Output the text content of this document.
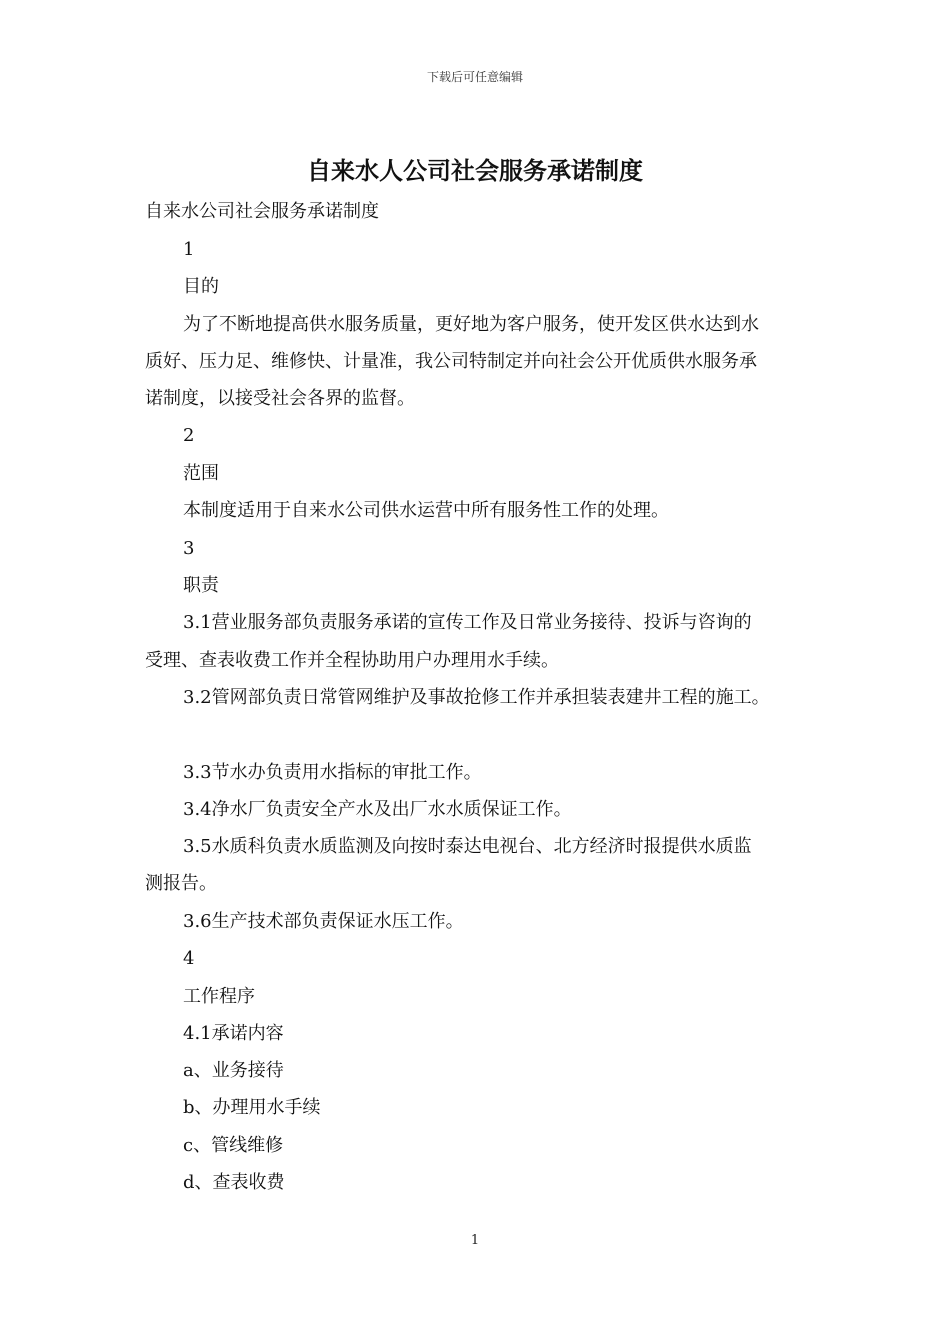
下载后可任意编辑
自来水人公司社会服务承诺制度
自来水公司社会服务承诺制度
1
目的
为了不断地提高供水服务质量，更好地为客户服务，使开发区供水达到水
质好、压力足、维修快、计量准，我公司特制定并向社会公开优质供水服务承
诺制度，以接受社会各界的监督。
2
范围
本制度适用于自来水公司供水运营中所有服务性工作的处理。
3
职责
3.1营业服务部负责服务承诺的宣传工作及日常业务接待、投诉与咨询的
受理、查表收费工作并全程协助用户办理用水手续。
3.2管网部负责日常管网维护及事故抢修工作并承担装表建井工程的施工。
3.3节水办负责用水指标的审批工作。
3.4净水厂负责安全产水及出厂水水质保证工作。
3.5水质科负责水质监测及向按时泰达电视台、北方经济时报提供水质监
测报告。
3.6生产技术部负责保证水压工作。
4
工作程序
4.1承诺内容
a、业务接待
b、办理用水手续
c、管线维修
d、查表收费
1
